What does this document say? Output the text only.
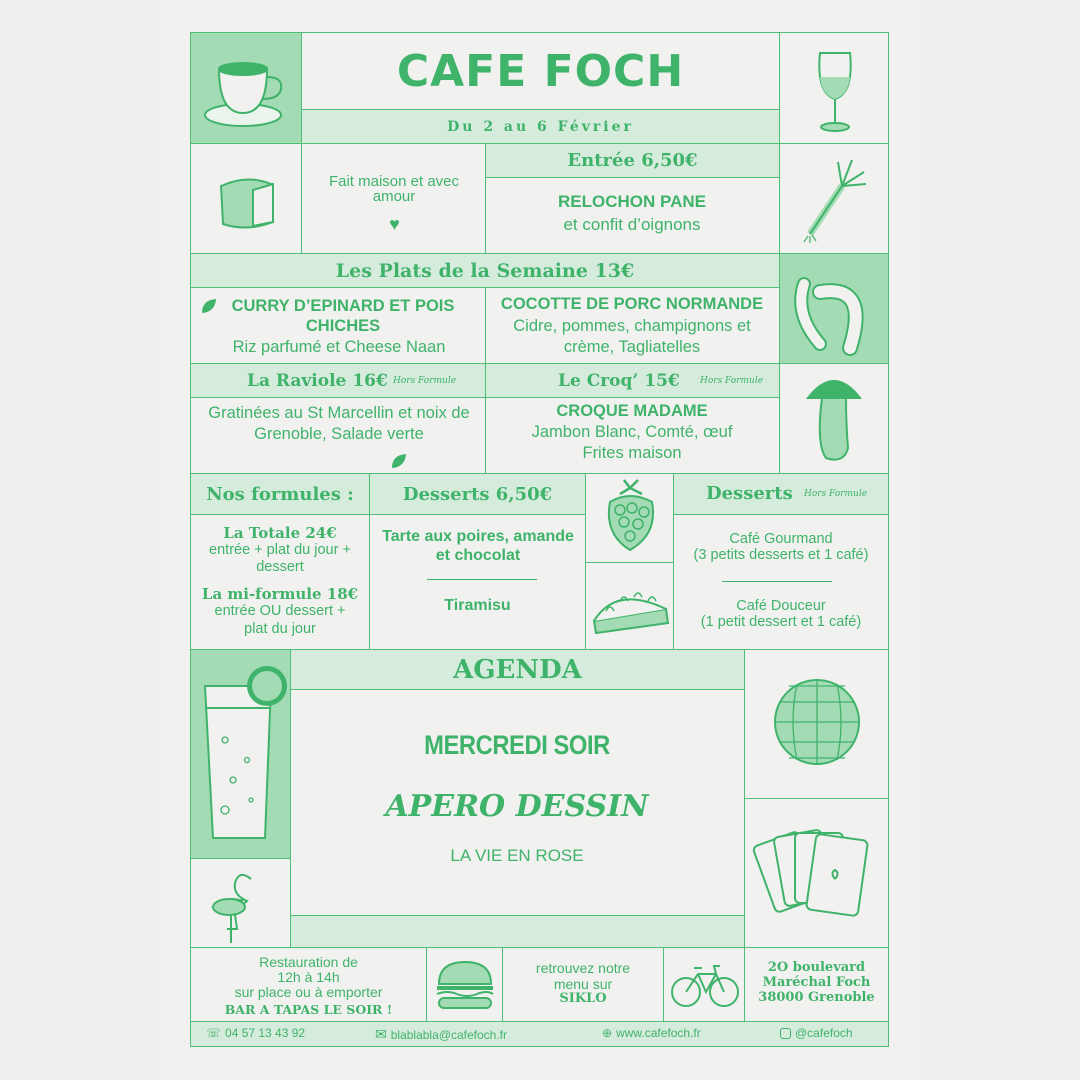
CAFE FOCH
Du 2 au 6 Février
Fait maison et avec amour
♥
Entrée 6,50€
RELOCHON PANE
et confit d’oignons
Les Plats de la Semaine 13€
CURRY D’EPINARD ET POIS CHICHES
Riz parfumé et Cheese Naan
COCOTTE DE PORC NORMANDE
Cidre, pommes, champignons et crème, Tagliatelles
La Raviole 16€ Hors Formule	Le Croq’ 15€ Hors Formule
Gratinées au St Marcellin et noix de Grenoble, Salade verte
CROQUE MADAME
Jambon Blanc, Comté, œuf
Frites maison
Nos formules :	Desserts 6,50€	Desserts Hors Formule
La Totale 24€
entrée + plat du jour + dessert
La mi-formule 18€
entrée OU dessert + plat du jour
Tarte aux poires, amande et chocolat
Tiramisu
Café Gourmand
(3 petits desserts et 1 café)
Café Douceur
(1 petit dessert et 1 café)
AGENDA
MERCREDI SOIR
APERO DESSIN
LA VIE EN ROSE
Restauration de
12h à 14h
sur place ou à emporter
BAR A TAPAS LE SOIR !
retrouvez notre
menu sur
SIKLO
2O boulevard
Maréchal Foch
38000 Grenoble
☏ 04 57 13 43 92	✉ blablabla@cafefoch.fr	⊕ www.cafefoch.fr	@cafefoch
